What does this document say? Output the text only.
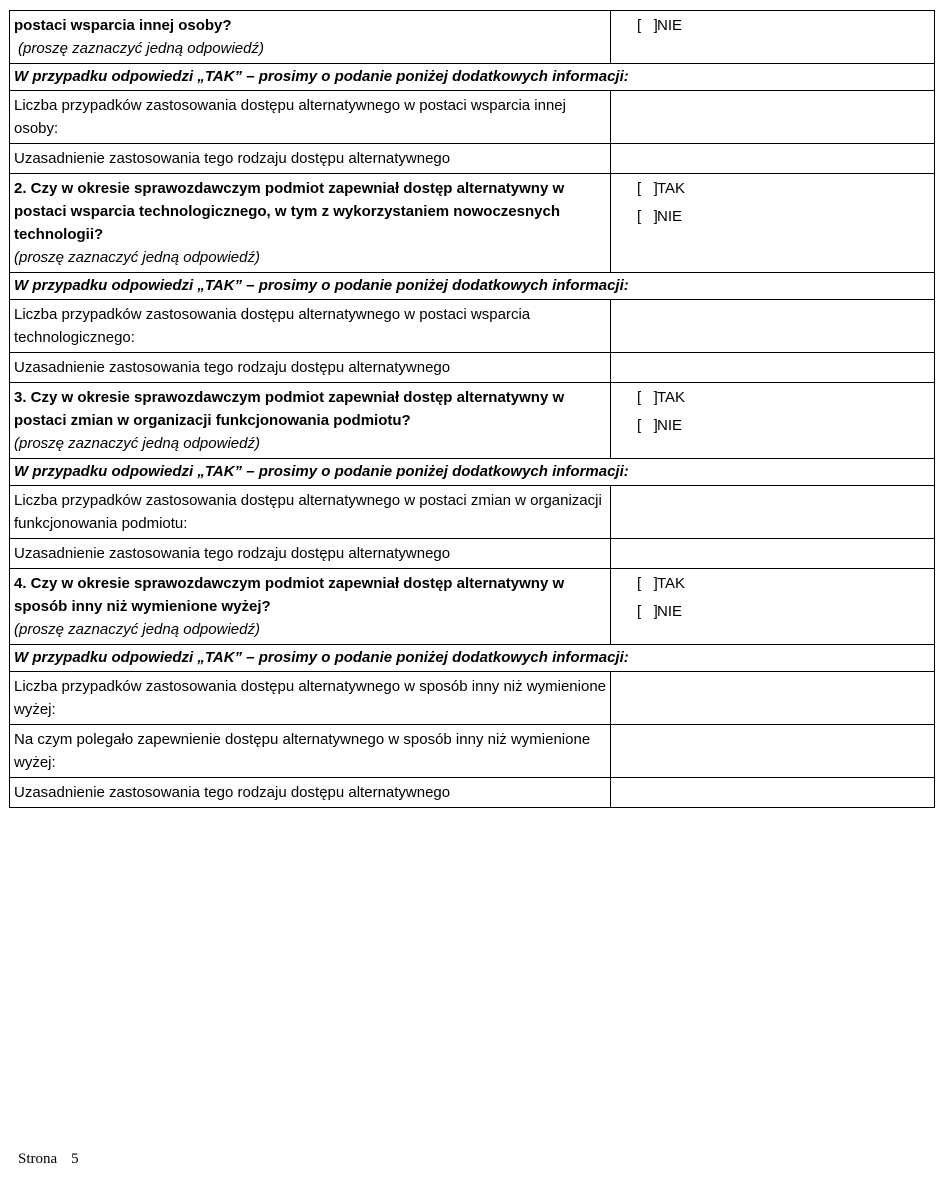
postaci wsparcia innej osoby?
(proszę zaznaczyć jedną odpowiedź)	[   ]NIE

W przypadku odpowiedzi „TAK” – prosimy o podanie poniżej dodatkowych informacji:	
Liczba przypadków zastosowania dostępu alternatywnego w postaci wsparcia innej osoby:	
Uzasadnienie zastosowania tego rodzaju dostępu alternatywnego	
2. Czy w okresie sprawozdawczym podmiot zapewniał dostęp alternatywny w postaci wsparcia technologicznego, w tym z wykorzystaniem nowoczesnych technologii?
(proszę zaznaczyć jedną odpowiedź)	[   ]TAK
[   ]NIE

W przypadku odpowiedzi „TAK” – prosimy o podanie poniżej dodatkowych informacji:	
Liczba przypadków zastosowania dostępu alternatywnego w postaci wsparcia technologicznego:	
Uzasadnienie zastosowania tego rodzaju dostępu alternatywnego	
3. Czy w okresie sprawozdawczym podmiot zapewniał dostęp alternatywny w postaci zmian w organizacji funkcjonowania podmiotu?
(proszę zaznaczyć jedną odpowiedź)	[   ]TAK
[   ]NIE

W przypadku odpowiedzi „TAK” – prosimy o podanie poniżej dodatkowych informacji:	
Liczba przypadków zastosowania dostępu alternatywnego w postaci zmian w organizacji funkcjonowania podmiotu:	
Uzasadnienie zastosowania tego rodzaju dostępu alternatywnego	
4. Czy w okresie sprawozdawczym podmiot zapewniał dostęp alternatywny w sposób inny niż wymienione wyżej?
(proszę zaznaczyć jedną odpowiedź)	[   ]TAK
[   ]NIE

W przypadku odpowiedzi „TAK” – prosimy o podanie poniżej dodatkowych informacji:	
Liczba przypadków zastosowania dostępu alternatywnego w sposób inny niż wymienione wyżej:	
Na czym polegało zapewnienie dostępu alternatywnego w sposób inny niż wymienione wyżej:	
Uzasadnienie zastosowania tego rodzaju dostępu alternatywnego	
Strona 5
